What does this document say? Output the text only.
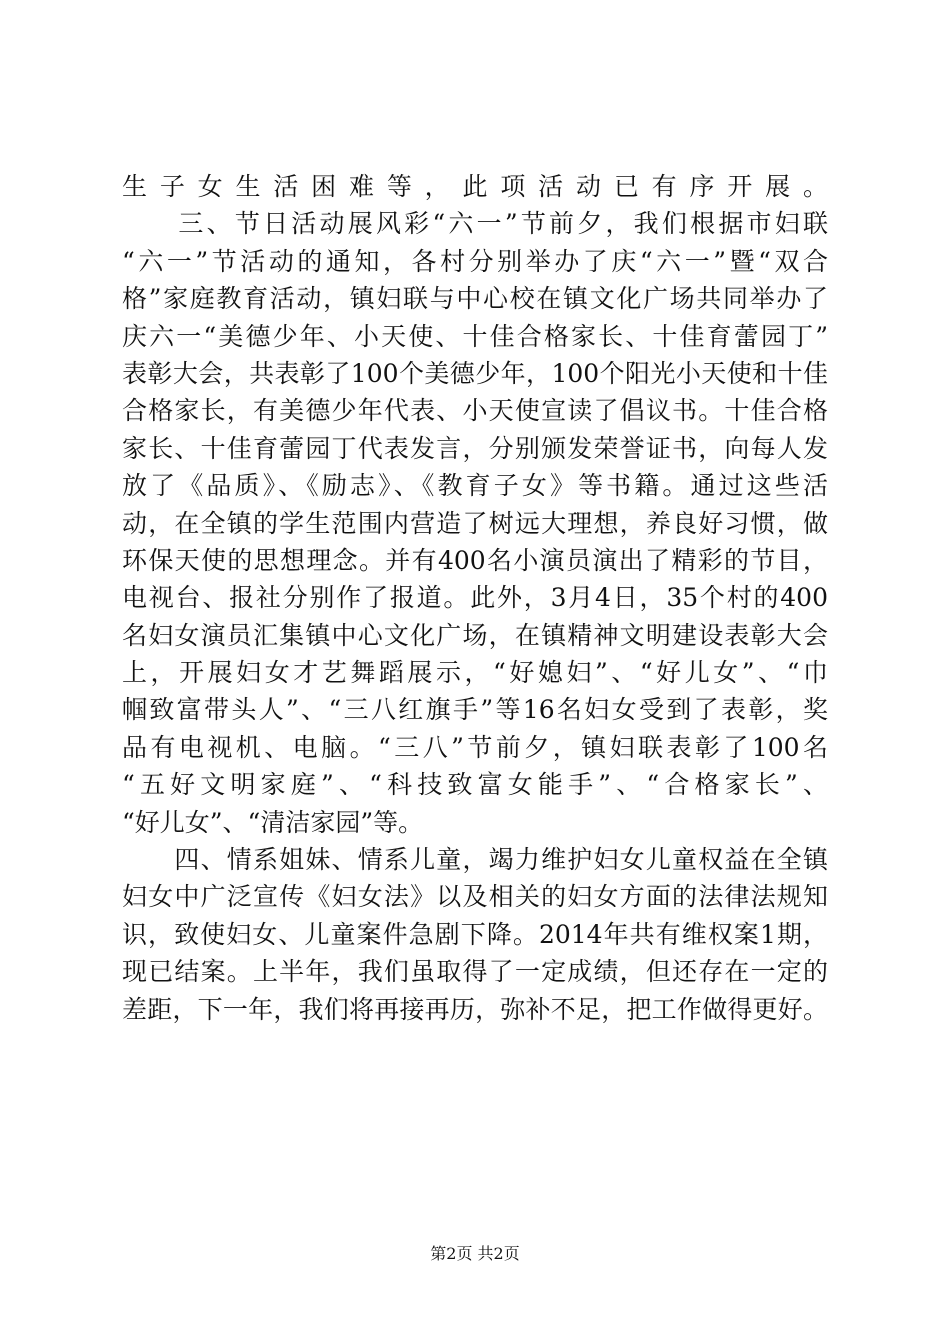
生子女生活困难等，此项活动已有序开展。
　　三、节日活动展风彩“六一”节前夕，我们根据市妇联
“六一”节活动的通知，各村分别举办了庆“六一”暨“双合
格”家庭教育活动，镇妇联与中心校在镇文化广场共同举办了
庆六一“美德少年、小天使、十佳合格家长、十佳育蕾园丁”
表彰大会，共表彰了100个美德少年，100个阳光小天使和十佳
合格家长，有美德少年代表、小天使宣读了倡议书。十佳合格
家长、十佳育蕾园丁代表发言，分别颁发荣誉证书，向每人发
放了《品质》、《励志》、《教育子女》等书籍。通过这些活
动，在全镇的学生范围内营造了树远大理想，养良好习惯，做
环保天使的思想理念。并有400名小演员演出了精彩的节目，
电视台、报社分别作了报道。此外，3月4日，35个村的400
名妇女演员汇集镇中心文化广场，在镇精神文明建设表彰大会
上，开展妇女才艺舞蹈展示，“好媳妇”、“好儿女”、“巾
帼致富带头人”、“三八红旗手”等16名妇女受到了表彰，奖
品有电视机、电脑。“三八”节前夕，镇妇联表彰了100名
“五好文明家庭”、“科技致富女能手”、“合格家长”、
“好儿女”、“清洁家园”等。
　　四、情系姐妹、情系儿童，竭力维护妇女儿童权益在全镇
妇女中广泛宣传《妇女法》以及相关的妇女方面的法律法规知
识，致使妇女、儿童案件急剧下降。2014年共有维权案1期，
现已结案。上半年，我们虽取得了一定成绩，但还存在一定的
差距，下一年，我们将再接再历，弥补不足，把工作做得更好。
第2页 共2页
